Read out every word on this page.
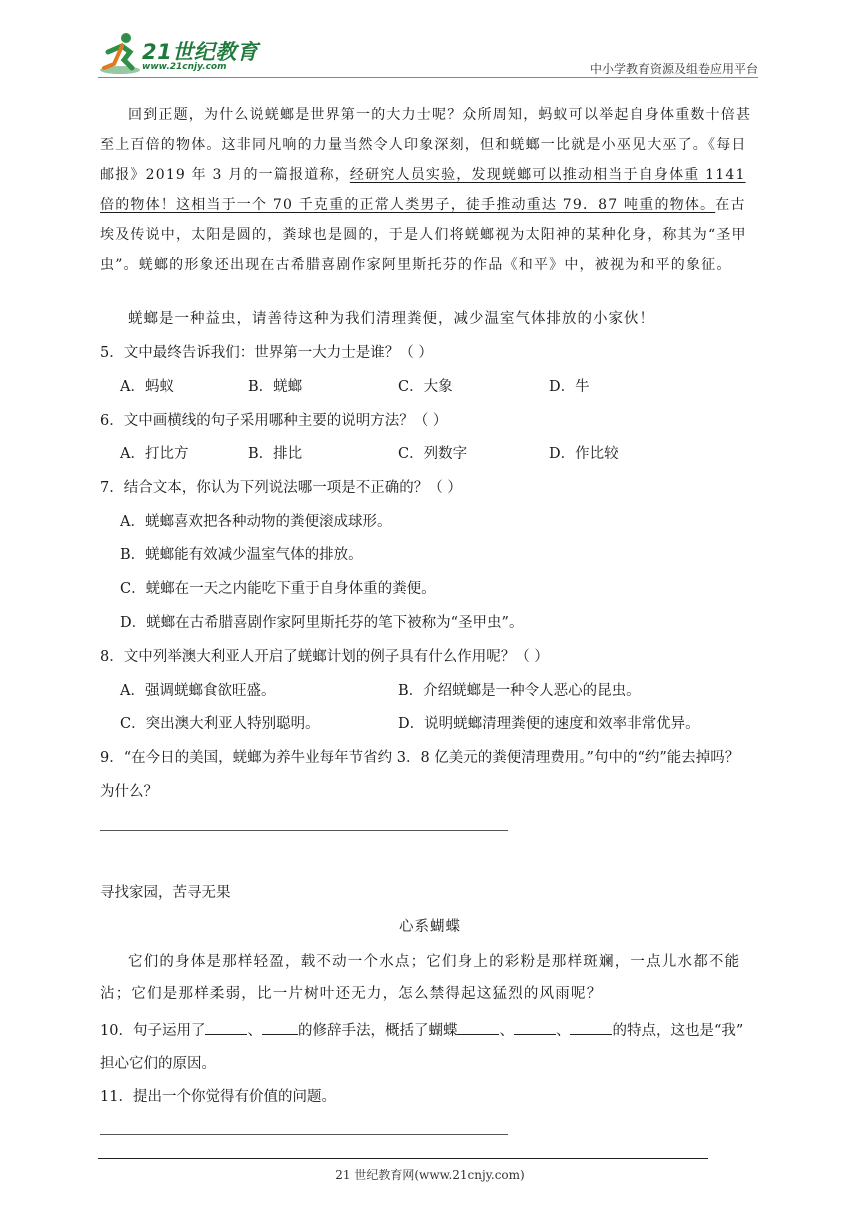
21世纪教育
www.21cnjy.com	中小学教育资源及组卷应用平台

回到正题，为什么说蜣螂是世界第一的大力士呢？众所周知，蚂蚁可以举起自身体重数十倍甚至上百倍的物体。这非同凡响的力量当然令人印象深刻，但和蜣螂一比就是小巫见大巫了。《每日邮报》2019 年 3 月的一篇报道称，经研究人员实验，发现蜣螂可以推动相当于自身体重 1141 倍的物体！这相当于一个 70 千克重的正常人类男子，徒手推动重达 79．87 吨重的物体。在古埃及传说中，太阳是圆的，粪球也是圆的，于是人们将蜣螂视为太阳神的某种化身，称其为“圣甲虫”。蜣螂的形象还出现在古希腊喜剧作家阿里斯托芬的作品《和平》中，被视为和平的象征。

蜣螂是一种益虫，请善待这种为我们清理粪便，减少温室气体排放的小家伙！

5．文中最终告诉我们：世界第一大力士是谁？（ ）

A．蚂蚁	B．蜣螂	C．大象	D．牛

6．文中画横线的句子采用哪种主要的说明方法？（ ）

A．打比方	B．排比	C．列数字	D．作比较

7．结合文本，你认为下列说法哪一项是不正确的？（ ）

A．蜣螂喜欢把各种动物的粪便滚成球形。
B．蜣螂能有效减少温室气体的排放。
C．蜣螂在一天之内能吃下重于自身体重的粪便。
D．蜣螂在古希腊喜剧作家阿里斯托芬的笔下被称为“圣甲虫”。

8．文中列举澳大利亚人开启了蜣螂计划的例子具有什么作用呢？（ ）

A．强调蜣螂食欲旺盛。	B．介绍蜣螂是一种令人恶心的昆虫。
C．突出澳大利亚人特别聪明。	D．说明蜣螂清理粪便的速度和效率非常优异。

9．“在今日的美国，蜣螂为养牛业每年节省约 3．8 亿美元的粪便清理费用。”句中的“约”能去掉吗？

为什么？

寻找家园，苦寻无果

心系蝴蝶

它们的身体是那样轻盈，载不动一个水点；它们身上的彩粉是那样斑斓，一点儿水都不能沾；它们是那样柔弱，比一片树叶还无力，怎么禁得起这猛烈的风雨呢？

10．句子运用了	、 的修辞手法，概括了蝴蝶	、	、	的特点，这也是“我”

担心它们的原因。

11．提出一个你觉得有价值的问题。

21 世纪教育网(www.21cnjy.com)
